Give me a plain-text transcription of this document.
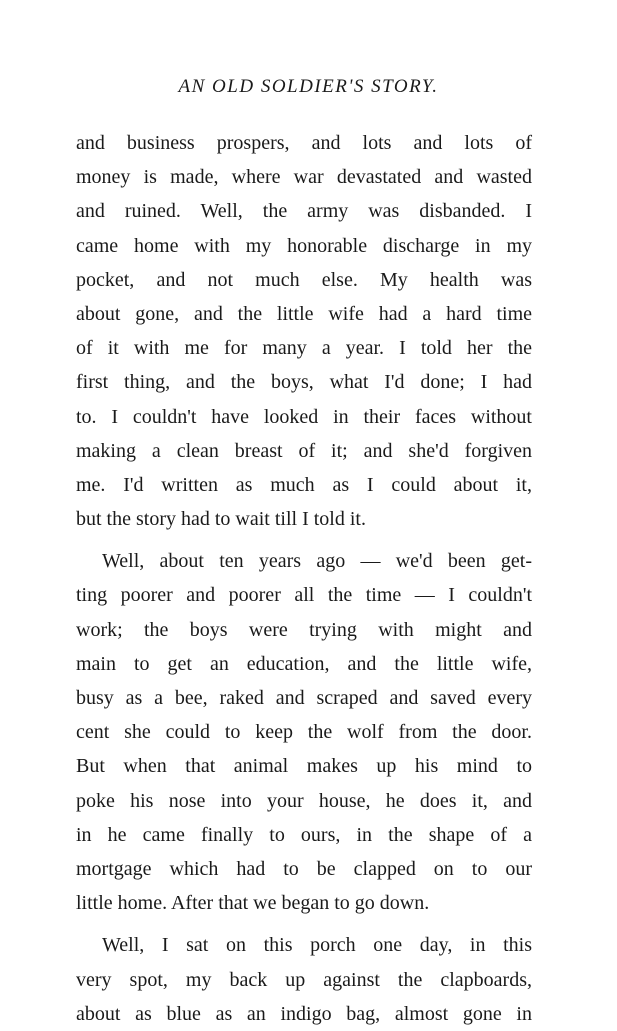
AN OLD SOLDIER'S STORY.
and business prospers, and lots and lots of
money is made, where war devastated and wasted
and ruined. Well, the army was disbanded. I
came home with my honorable discharge in my
pocket, and not much else. My health was
about gone, and the little wife had a hard time
of it with me for many a year. I told her the
first thing, and the boys, what I'd done; I had
to. I couldn't have looked in their faces without
making a clean breast of it; and she'd forgiven
me. I'd written as much as I could about it,
but the story had to wait till I told it.
Well, about ten years ago — we'd been get-
ting poorer and poorer all the time — I couldn't
work; the boys were trying with might and
main to get an education, and the little wife,
busy as a bee, raked and scraped and saved every
cent she could to keep the wolf from the door.
But when that animal makes up his mind to
poke his nose into your house, he does it, and
in he came finally to ours, in the shape of a
mortgage which had to be clapped on to our
little home. After that we began to go down.
Well, I sat on this porch one day, in this
very spot, my back up against the clapboards,
about as blue as an indigo bag, almost gone in
